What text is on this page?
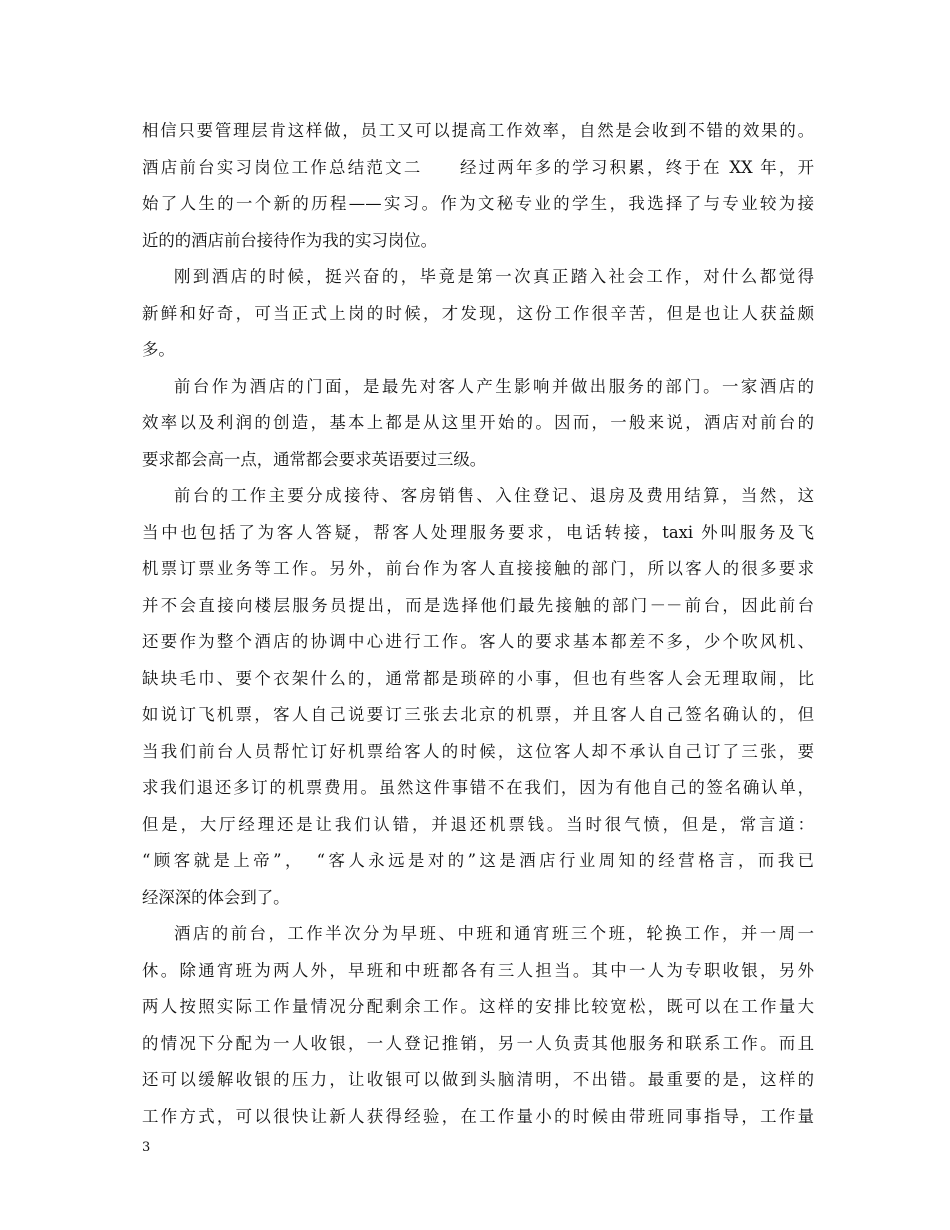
相信只要管理层肯这样做，员工又可以提高工作效率，自然是会收到不错的效果的。
酒店前台实习岗位工作总结范文二　　经过两年多的学习积累，终于在 XX 年，开
始了人生的一个新的历程——实习。作为文秘专业的学生，我选择了与专业较为接
近的的酒店前台接待作为我的实习岗位。
刚到酒店的时候，挺兴奋的，毕竟是第一次真正踏入社会工作，对什么都觉得
新鲜和好奇，可当正式上岗的时候，才发现，这份工作很辛苦，但是也让人获益颇
多。
前台作为酒店的门面，是最先对客人产生影响并做出服务的部门。一家酒店的
效率以及利润的创造，基本上都是从这里开始的。因而，一般来说，酒店对前台的
要求都会高一点，通常都会要求英语要过三级。
前台的工作主要分成接待、客房销售、入住登记、退房及费用结算，当然，这
当中也包括了为客人答疑，帮客人处理服务要求，电话转接，taxi 外叫服务及飞
机票订票业务等工作。另外，前台作为客人直接接触的部门，所以客人的很多要求
并不会直接向楼层服务员提出，而是选择他们最先接触的部门－－前台，因此前台
还要作为整个酒店的协调中心进行工作。客人的要求基本都差不多，少个吹风机、
缺块毛巾、要个衣架什么的，通常都是琐碎的小事，但也有些客人会无理取闹，比
如说订飞机票，客人自己说要订三张去北京的机票，并且客人自己签名确认的，但
当我们前台人员帮忙订好机票给客人的时候，这位客人却不承认自己订了三张，要
求我们退还多订的机票费用。虽然这件事错不在我们，因为有他自己的签名确认单，
但是，大厅经理还是让我们认错，并退还机票钱。当时很气愤，但是，常言道：
“顾客就是上帝”，　“客人永远是对的”这是酒店行业周知的经营格言，而我已
经深深的体会到了。
酒店的前台，工作半次分为早班、中班和通宵班三个班，轮换工作，并一周一
休。除通宵班为两人外，早班和中班都各有三人担当。其中一人为专职收银，另外
两人按照实际工作量情况分配剩余工作。这样的安排比较宽松，既可以在工作量大
的情况下分配为一人收银，一人登记推销，另一人负责其他服务和联系工作。而且
还可以缓解收银的压力，让收银可以做到头脑清明，不出错。最重要的是，这样的
工作方式，可以很快让新人获得经验，在工作量小的时候由带班同事指导，工作量
3
